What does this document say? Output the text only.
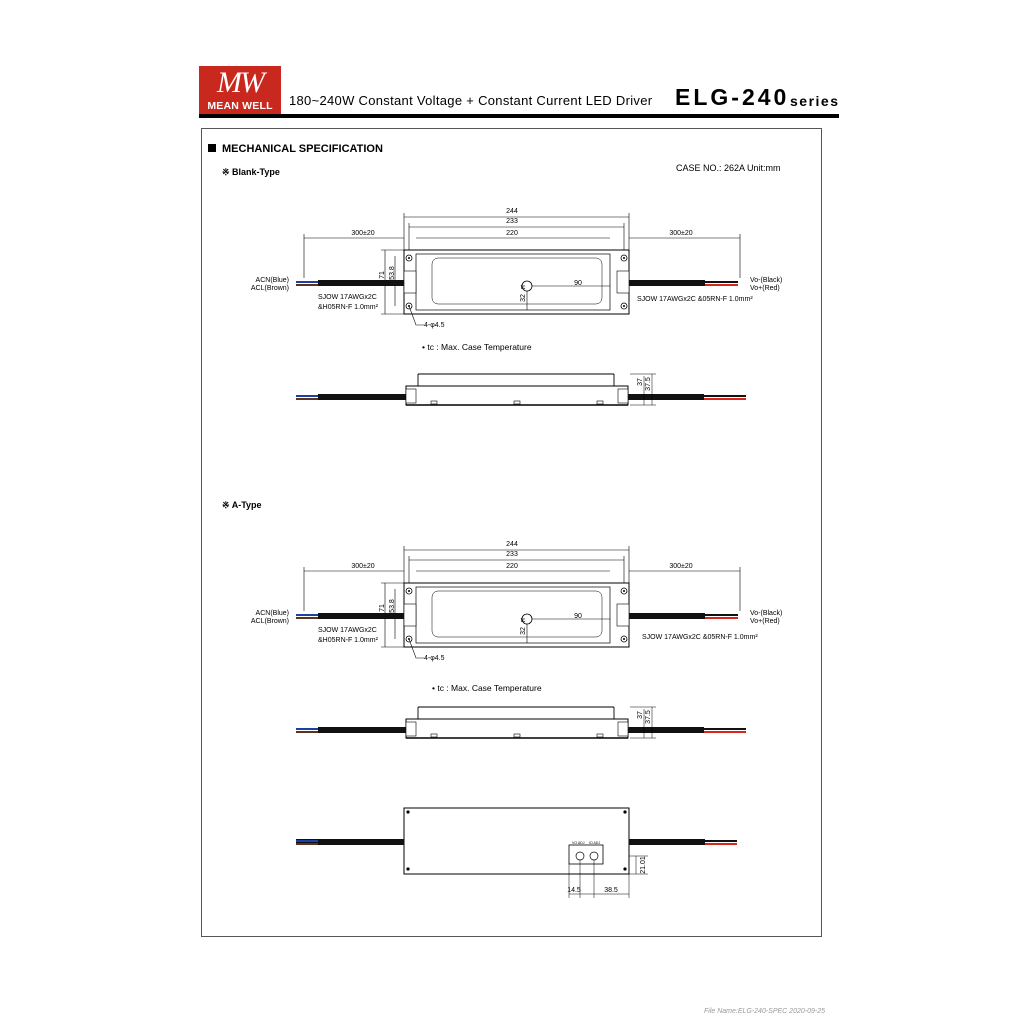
MW
MEAN WELL	180~240W Constant Voltage + Constant Current LED Driver ELG-240 series
MECHANICAL SPECIFICATION
※ Blank-Type	CASE NO.: 262A Unit:mm
※ A-Type
244
233
220
300±20	300±20
71 53.8
90
32
4-φ4.5
tc
37 37.5
ACN(Blue)
ACL(Brown)
Vo-(Black)
Vo+(Red)
SJOW 17AWGx2C
&H05RN-F 1.0mm²
SJOW 17AWGx2C &05RN-F 1.0mm²
• tc : Max. Case Temperature
244
233
220
300±20	300±20
71 53.8
90
32
4-φ4.5
tc
37 37.5
14.5	38.5
21.01
VO ADJ IO ADJ
ACN(Blue)
ACL(Brown)
Vo-(Black)
Vo+(Red)
SJOW 17AWGx2C
&H05RN-F 1.0mm²	SJOW 17AWGx2C &05RN-F 1.0mm²
• tc : Max. Case Temperature
File Name:ELG-240-SPEC 2020-09-25
